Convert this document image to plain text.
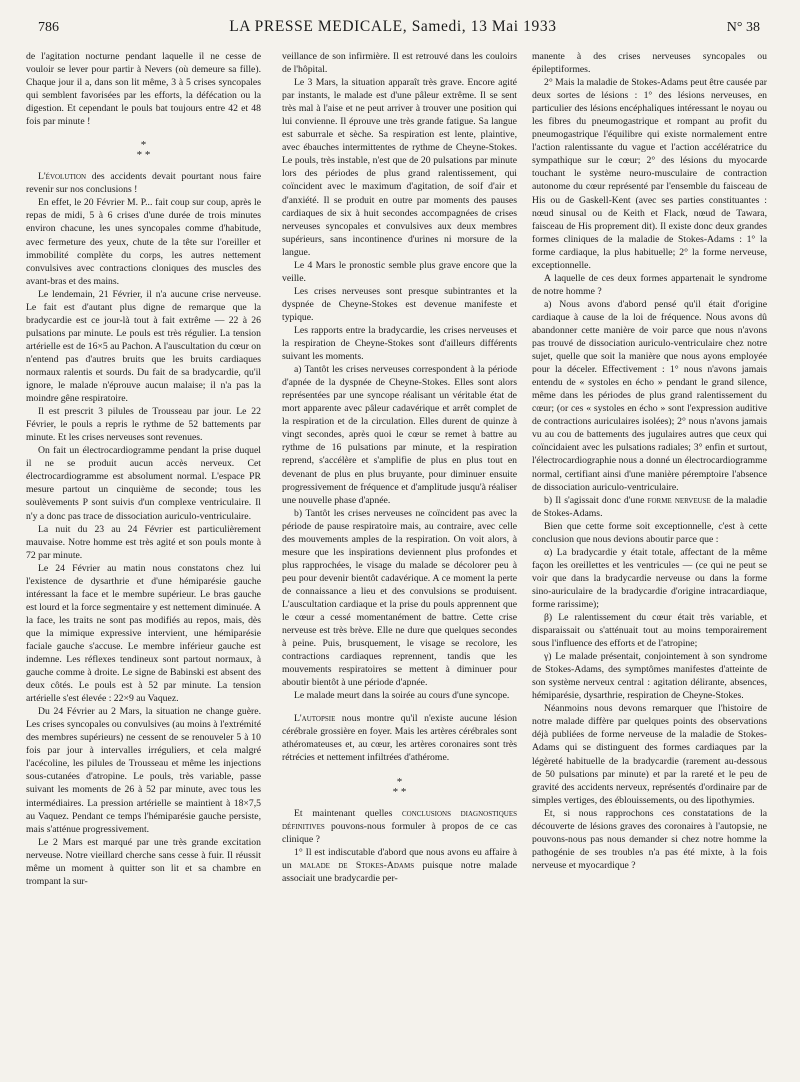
786	LA PRESSE MEDICALE, Samedi, 13 Mai 1933	N° 38

de l'agitation nocturne pendant laquelle il ne cesse de vouloir se lever pour partir à Nevers (où demeure sa fille). Chaque jour il a, dans son lit même, 3 à 5 crises syncopales qui semblent favorisées par les efforts, la défécation ou la digestion. Et cependant le pouls bat toujours entre 42 et 48 fois par minute !

*
* *

L'évolution des accidents devait pourtant nous faire revenir sur nos conclusions !

En effet, le 20 Février M. P... fait coup sur coup, après le repas de midi, 5 à 6 crises d'une durée de trois minutes environ chacune, les unes syncopales comme d'habitude, avec fermeture des yeux, chute de la tête sur l'oreiller et immobilité complète du corps, les autres nettement convulsives avec contractions cloniques des muscles des avant-bras et des mains.

Le lendemain, 21 Février, il n'a aucune crise nerveuse. Le fait est d'autant plus digne de remarque que la bradycardie est ce jour-là tout à fait extrême — 22 à 26 pulsations par minute. Le pouls est très régulier. La tension artérielle est de 16×5 au Pachon. A l'auscultation du cœur on n'entend pas d'autres bruits que les bruits cardiaques normaux ralentis et sourds. Du fait de sa bradycardie, qu'il ignore, le malade n'éprouve aucun malaise; il n'a pas la moindre gêne respiratoire.

Il est prescrit 3 pilules de Trousseau par jour. Le 22 Février, le pouls a repris le rythme de 52 battements par minute. Et les crises nerveuses sont revenues.

On fait un électrocardiogramme pendant la prise duquel il ne se produit aucun accès nerveux. Cet électrocardiogramme est absolument normal. L'espace PR mesure partout un cinquième de seconde; tous les soulèvements P sont suivis d'un complexe ventriculaire. Il n'y a donc pas trace de dissociation auriculo-ventriculaire.

La nuit du 23 au 24 Février est particulièrement mauvaise. Notre homme est très agité et son pouls monte à 72 par minute.

Le 24 Février au matin nous constatons chez lui l'existence de dysarthrie et d'une hémiparésie gauche intéressant la face et le membre supérieur. Le bras gauche est lourd et la force segmentaire y est nettement diminuée. A la face, les traits ne sont pas modifiés au repos, mais, dès que la mimique expressive intervient, une hémiparésie faciale gauche s'accuse. Le membre inférieur gauche est indemne. Les réflexes tendineux sont partout normaux, à gauche comme à droite. Le signe de Babinski est absent des deux côtés. Le pouls est à 52 par minute. La tension artérielle s'est élevée : 22×9 au Vaquez.

Du 24 Février au 2 Mars, la situation ne change guère. Les crises syncopales ou convulsives (au moins à l'extrémité des membres supérieurs) ne cessent de se renouveler 5 à 10 fois par jour à intervalles irréguliers, et cela malgré l'acécoline, les pilules de Trousseau et même les injections sous-cutanées d'atropine. Le pouls, très variable, passe suivant les moments de 26 à 52 par minute, avec tous les intermédiaires. La pression artérielle se maintient à 18×7,5 au Vaquez. Pendant ce temps l'hémiparésie gauche persiste, mais s'atténue progressivement.

Le 2 Mars est marqué par une très grande excitation nerveuse. Notre vieillard cherche sans cesse à fuir. Il réussit même un moment à quitter son lit et sa chambre en trompant la sur-

veillance de son infirmière. Il est retrouvé dans les couloirs de l'hôpital.

Le 3 Mars, la situation apparaît très grave. Encore agité par instants, le malade est d'une pâleur extrême. Il se sent très mal à l'aise et ne peut arriver à trouver une position qui lui convienne. Il éprouve une très grande fatigue. Sa langue est saburrale et sèche. Sa respiration est lente, plaintive, avec ébauches intermittentes de rythme de Cheyne-Stokes. Le pouls, très instable, n'est que de 20 pulsations par minute lors des périodes de plus grand ralentissement, qui coïncident avec le maximum d'agitation, de soif d'air et d'anxiété. Il se produit en outre par moments des pauses cardiaques de six à huit secondes accompagnées de crises nerveuses syncopales et convulsives aux deux membres supérieurs, sans incontinence d'urines ni morsure de la langue.

Le 4 Mars le pronostic semble plus grave encore que la veille.

Les crises nerveuses sont presque subintrantes et la dyspnée de Cheyne-Stokes est devenue manifeste et typique.

Les rapports entre la bradycardie, les crises nerveuses et la respiration de Cheyne-Stokes sont d'ailleurs différents suivant les moments.

a) Tantôt les crises nerveuses correspondent à la période d'apnée de la dyspnée de Cheyne-Stokes. Elles sont alors représentées par une syncope réalisant un véritable état de mort apparente avec pâleur cadavérique et arrêt complet de la respiration et de la circulation. Elles durent de quinze à vingt secondes, après quoi le cœur se remet à battre au rythme de 16 pulsations par minute, et la respiration reprend, s'accélère et s'amplifie de plus en plus tout en devenant de plus en plus bruyante, pour diminuer ensuite progressivement de fréquence et d'amplitude jusqu'à réaliser une nouvelle phase d'apnée.

b) Tantôt les crises nerveuses ne coïncident pas avec la période de pause respiratoire mais, au contraire, avec celle des mouvements amples de la respiration. On voit alors, à mesure que les inspirations deviennent plus profondes et plus rapprochées, le visage du malade se décolorer peu à peu pour devenir bientôt cadavérique. A ce moment la perte de connaissance a lieu et des convulsions se produisent. L'auscultation cardiaque et la prise du pouls apprennent que le cœur a cessé momentanément de battre. Cette crise nerveuse est très brève. Elle ne dure que quelques secondes à peine. Puis, brusquement, le visage se recolore, les contractions cardiaques reprennent, tandis que les mouvements respiratoires se mettent à diminuer pour aboutir bientôt à une période d'apnée.

Le malade meurt dans la soirée au cours d'une syncope.

L'autopsie nous montre qu'il n'existe aucune lésion cérébrale grossière en foyer. Mais les artères cérébrales sont athéromateuses et, au cœur, les artères coronaires sont très rétrécies et nettement infiltrées d'athérome.

*
* *

Et maintenant quelles conclusions diagnostiques définitives pouvons-nous formuler à propos de ce cas clinique ?

1° Il est indiscutable d'abord que nous avons eu affaire à un malade de Stokes-Adams puisque notre malade associait une bradycardie per-

manente à des crises nerveuses syncopales ou épileptiformes.

2° Mais la maladie de Stokes-Adams peut être causée par deux sortes de lésions : 1° des lésions nerveuses, en particulier des lésions encéphaliques intéressant le noyau ou les fibres du pneumogastrique et rompant au profit du pneumogastrique l'équilibre qui existe normalement entre l'action ralentissante du vague et l'action accélératrice du sympathique sur le cœur; 2° des lésions du myocarde touchant le système neuro-musculaire de contraction autonome du cœur représenté par l'ensemble du faisceau de His ou de Gaskell-Kent (avec ses parties constituantes : nœud sinusal ou de Keith et Flack, nœud de Tawara, faisceau de His proprement dit). Il existe donc deux grandes formes cliniques de la maladie de Stokes-Adams : 1° la forme cardiaque, la plus habituelle; 2° la forme nerveuse, exceptionnelle.

A laquelle de ces deux formes appartenait le syndrome de notre homme ?

a) Nous avons d'abord pensé qu'il était d'origine cardiaque à cause de la loi de fréquence. Nous avons dû abandonner cette manière de voir parce que nous n'avons pas trouvé de dissociation auriculo-ventriculaire chez notre sujet, quelle que soit la manière que nous ayons employée pour la déceler. Effectivement : 1° nous n'avons jamais entendu de « systoles en écho » pendant le grand silence, même dans les périodes de plus grand ralentissement du cœur; (or ces « systoles en écho » sont l'expression auditive de contractions auriculaires isolées); 2° nous n'avons jamais vu au cou de battements des jugulaires autres que ceux qui coïncidaient avec les pulsations radiales; 3° enfin et surtout, l'électrocardiographie nous a donné un électrocardiogramme normal, certifiant ainsi d'une manière péremptoire l'absence de dissociation auriculo-ventriculaire.

b) Il s'agissait donc d'une forme nerveuse de la maladie de Stokes-Adams.

Bien que cette forme soit exceptionnelle, c'est à cette conclusion que nous devions aboutir parce que :

α) La bradycardie y était totale, affectant de la même façon les oreillettes et les ventricules — (ce qui ne peut se voir que dans la bradycardie nerveuse ou dans la forme sino-auriculaire de la bradycardie d'origine intracardiaque, forme rarissime);

β) Le ralentissement du cœur était très variable, et disparaissait ou s'atténuait tout au moins temporairement sous l'influence des efforts et de l'atropine;

γ) Le malade présentait, conjointement à son syndrome de Stokes-Adams, des symptômes manifestes d'atteinte de son système nerveux central : agitation délirante, absences, hémiparésie, dysarthrie, respiration de Cheyne-Stokes.

Néanmoins nous devons remarquer que l'histoire de notre malade diffère par quelques points des observations déjà publiées de forme nerveuse de la maladie de Stokes-Adams qui se distinguent des formes cardiaques par la légèreté habituelle de la bradycardie (rarement au-dessous de 50 pulsations par minute) et par la rareté et le peu de gravité des accidents nerveux, représentés d'ordinaire par de simples vertiges, des éblouissements, ou des lipothymies.

Et, si nous rapprochons ces constatations de la découverte de lésions graves des coronaires à l'autopsie, ne pouvons-nous pas nous demander si chez notre homme la pathogénie de ses troubles n'a pas été mixte, à la fois nerveuse et myocardique ?
